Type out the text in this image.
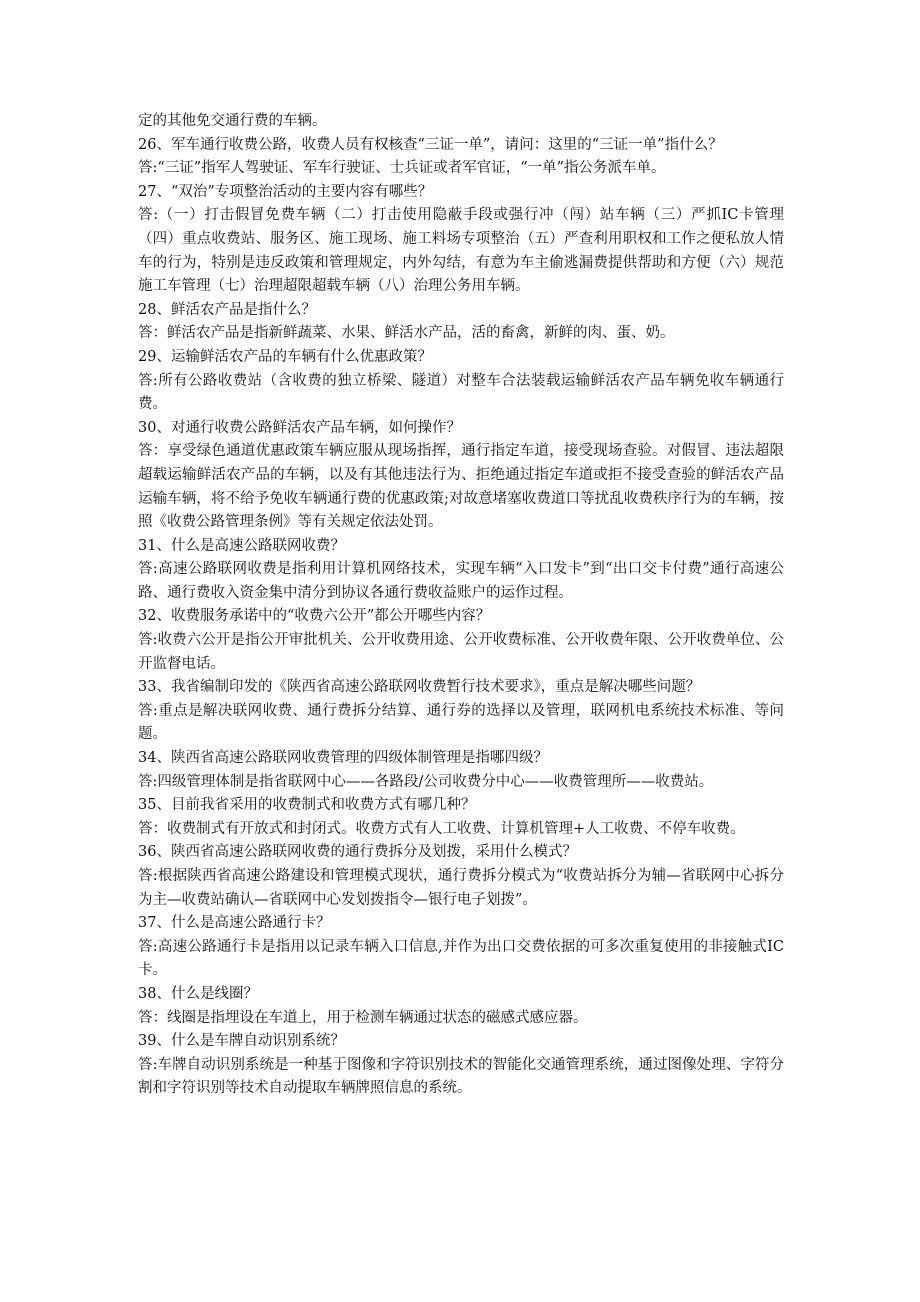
定的其他免交通行费的车辆。

26、军车通行收费公路，收费人员有权核查“三证一单”，请问：这里的“三证一单”指什么？

答:“三证”指军人驾驶证、军车行驶证、士兵证或者军官证，“一单”指公务派车单。

27、“双治”专项整治活动的主要内容有哪些？

答:（一）打击假冒免费车辆（二）打击使用隐蔽手段或强行冲（闯）站车辆（三）严抓IC卡管理（四）重点收费站、服务区、施工现场、施工料场专项整治（五）严查利用职权和工作之便私放人情车的行为，特别是违反政策和管理规定，内外勾结，有意为车主偷逃漏费提供帮助和方便（六）规范施工车管理（七）治理超限超载车辆（八）治理公务用车辆。

28、鲜活农产品是指什么？

答：鲜活农产品是指新鲜蔬菜、水果、鲜活水产品，活的畜禽，新鲜的肉、蛋、奶。

29、运输鲜活农产品的车辆有什么优惠政策？

答:所有公路收费站（含收费的独立桥梁、隧道）对整车合法装载运输鲜活农产品车辆免收车辆通行费。

30、对通行收费公路鲜活农产品车辆，如何操作？

答：享受绿色通道优惠政策车辆应服从现场指挥，通行指定车道，接受现场查验。对假冒、违法超限超载运输鲜活农产品的车辆，以及有其他违法行为、拒绝通过指定车道或拒不接受查验的鲜活农产品运输车辆，将不给予免收车辆通行费的优惠政策;对故意堵塞收费道口等扰乱收费秩序行为的车辆，按照《收费公路管理条例》等有关规定依法处罚。

31、什么是高速公路联网收费？

答:高速公路联网收费是指利用计算机网络技术，实现车辆“入口发卡”到“出口交卡付费”通行高速公路、通行费收入资金集中清分到协议各通行费收益账户的运作过程。

32、收费服务承诺中的“收费六公开”都公开哪些内容？

答:收费六公开是指公开审批机关、公开收费用途、公开收费标准、公开收费年限、公开收费单位、公开监督电话。

33、我省编制印发的《陕西省高速公路联网收费暂行技术要求》，重点是解决哪些问题？

答:重点是解决联网收费、通行费拆分结算、通行券的选择以及管理，联网机电系统技术标准、等问题。

34、陕西省高速公路联网收费管理的四级体制管理是指哪四级？

答:四级管理体制是指省联网中心——各路段/公司收费分中心——收费管理所——收费站。

35、目前我省采用的收费制式和收费方式有哪几种？

答：收费制式有开放式和封闭式。收费方式有人工收费、计算机管理+人工收费、不停车收费。

36、陕西省高速公路联网收费的通行费拆分及划拨，采用什么模式？

答:根据陕西省高速公路建设和管理模式现状，通行费拆分模式为“收费站拆分为辅—省联网中心拆分为主—收费站确认—省联网中心发划拨指令—银行电子划拨”。

37、什么是高速公路通行卡？

答:高速公路通行卡是指用以记录车辆入口信息,并作为出口交费依据的可多次重复使用的非接触式IC卡。

38、什么是线圈？

答：线圈是指埋设在车道上，用于检测车辆通过状态的磁感式感应器。

39、什么是车牌自动识别系统？

答:车牌自动识别系统是一种基于图像和字符识别技术的智能化交通管理系统，通过图像处理、字符分割和字符识别等技术自动提取车辆牌照信息的系统。
